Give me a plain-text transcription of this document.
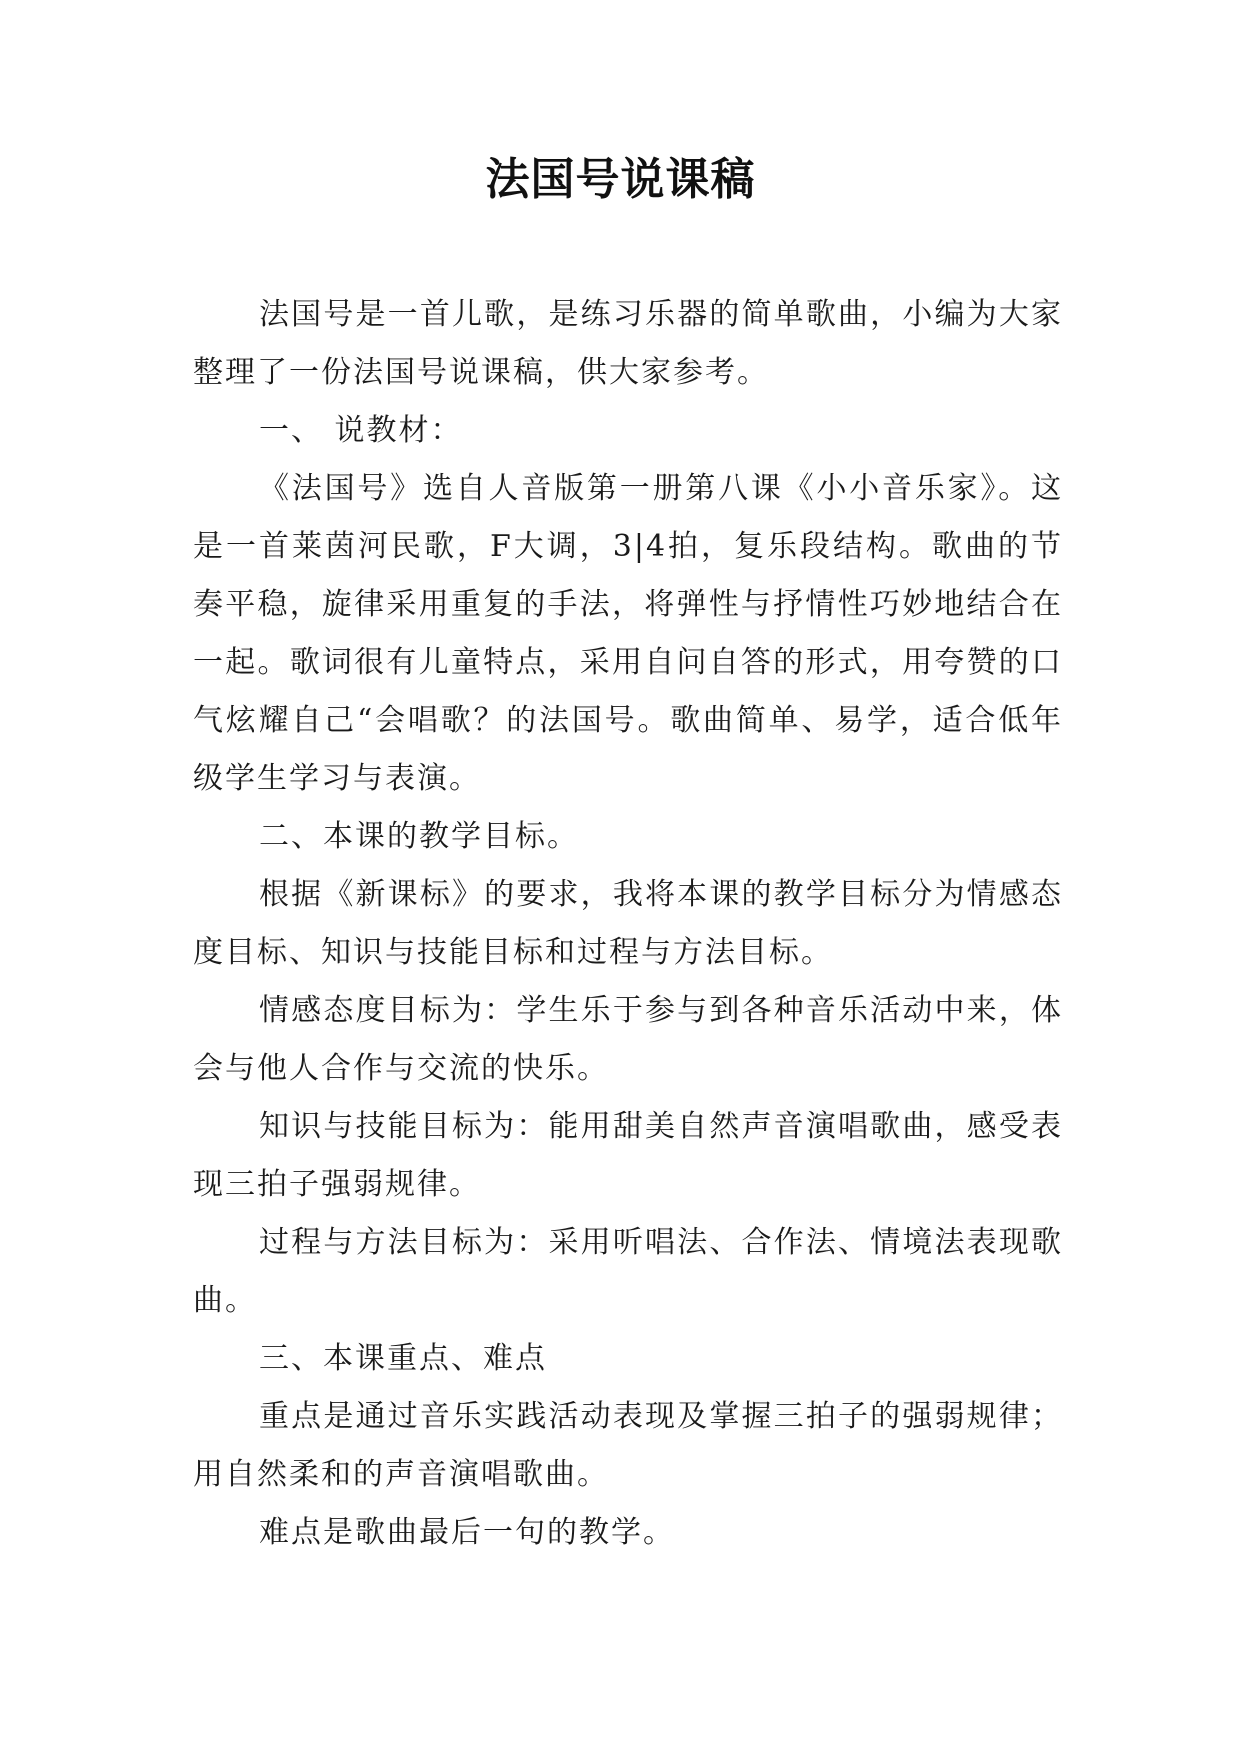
法国号说课稿

法国号是一首儿歌，是练习乐器的简单歌曲，小编为大家整理了一份法国号说课稿，供大家参考。

一、 说教材：

《法国号》选自人音版第一册第八课《小小音乐家》。这是一首莱茵河民歌，F大调，3|4拍，复乐段结构。歌曲的节奏平稳，旋律采用重复的手法，将弹性与抒情性巧妙地结合在一起。歌词很有儿童特点，采用自问自答的形式，用夸赞的口气炫耀自己“会唱歌？的法国号。歌曲简单、易学，适合低年级学生学习与表演。

二、本课的教学目标。

根据《新课标》的要求，我将本课的教学目标分为情感态度目标、知识与技能目标和过程与方法目标。

情感态度目标为：学生乐于参与到各种音乐活动中来，体会与他人合作与交流的快乐。

知识与技能目标为：能用甜美自然声音演唱歌曲，感受表现三拍子强弱规律。

过程与方法目标为：采用听唱法、合作法、情境法表现歌曲。

三、本课重点、难点

重点是通过音乐实践活动表现及掌握三拍子的强弱规律；用自然柔和的声音演唱歌曲。

难点是歌曲最后一句的教学。
